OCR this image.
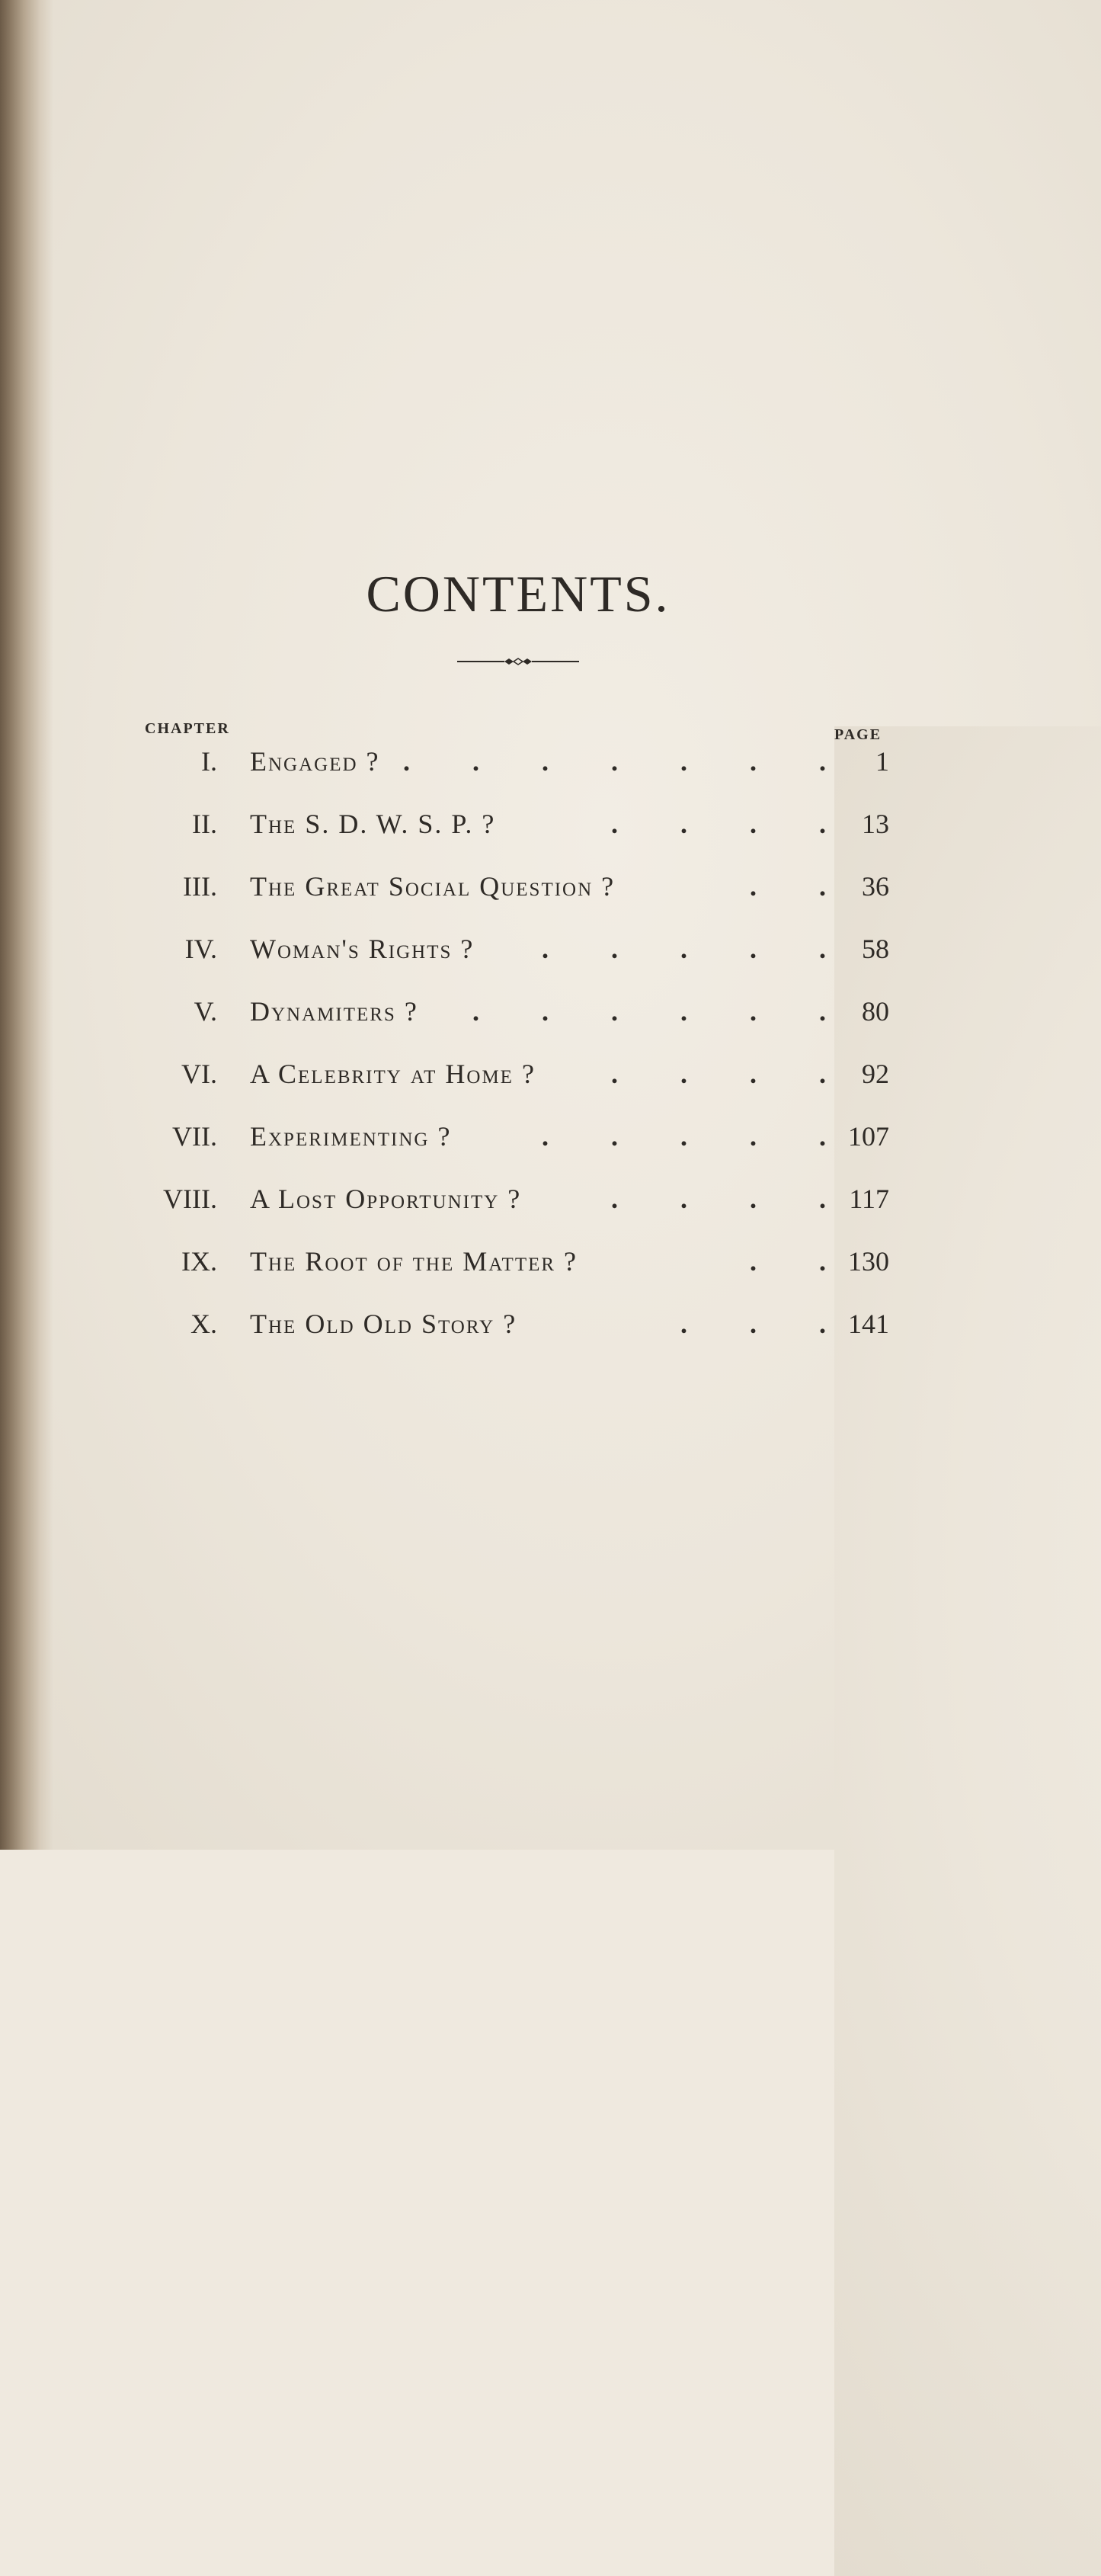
CONTENTS.
CHAPTER	PAGE
I. Engaged ? . . . . . . .	1
II. The S. D. W. S. P. ?	. . . .	13
III. The Great Social Question ?	. .	36
IV. Woman's Rights ?	. . . . .	58
V. Dynamiters ?	. . . . . .	80
VI. A Celebrity at Home ?	. . . .	92
VII. Experimenting ?	. . . . . 107
VIII. A Lost Opportunity ?	. . . . 117
IX. The Root of the Matter ?	. . 130
X. The Old Old Story ?	. . . 141
